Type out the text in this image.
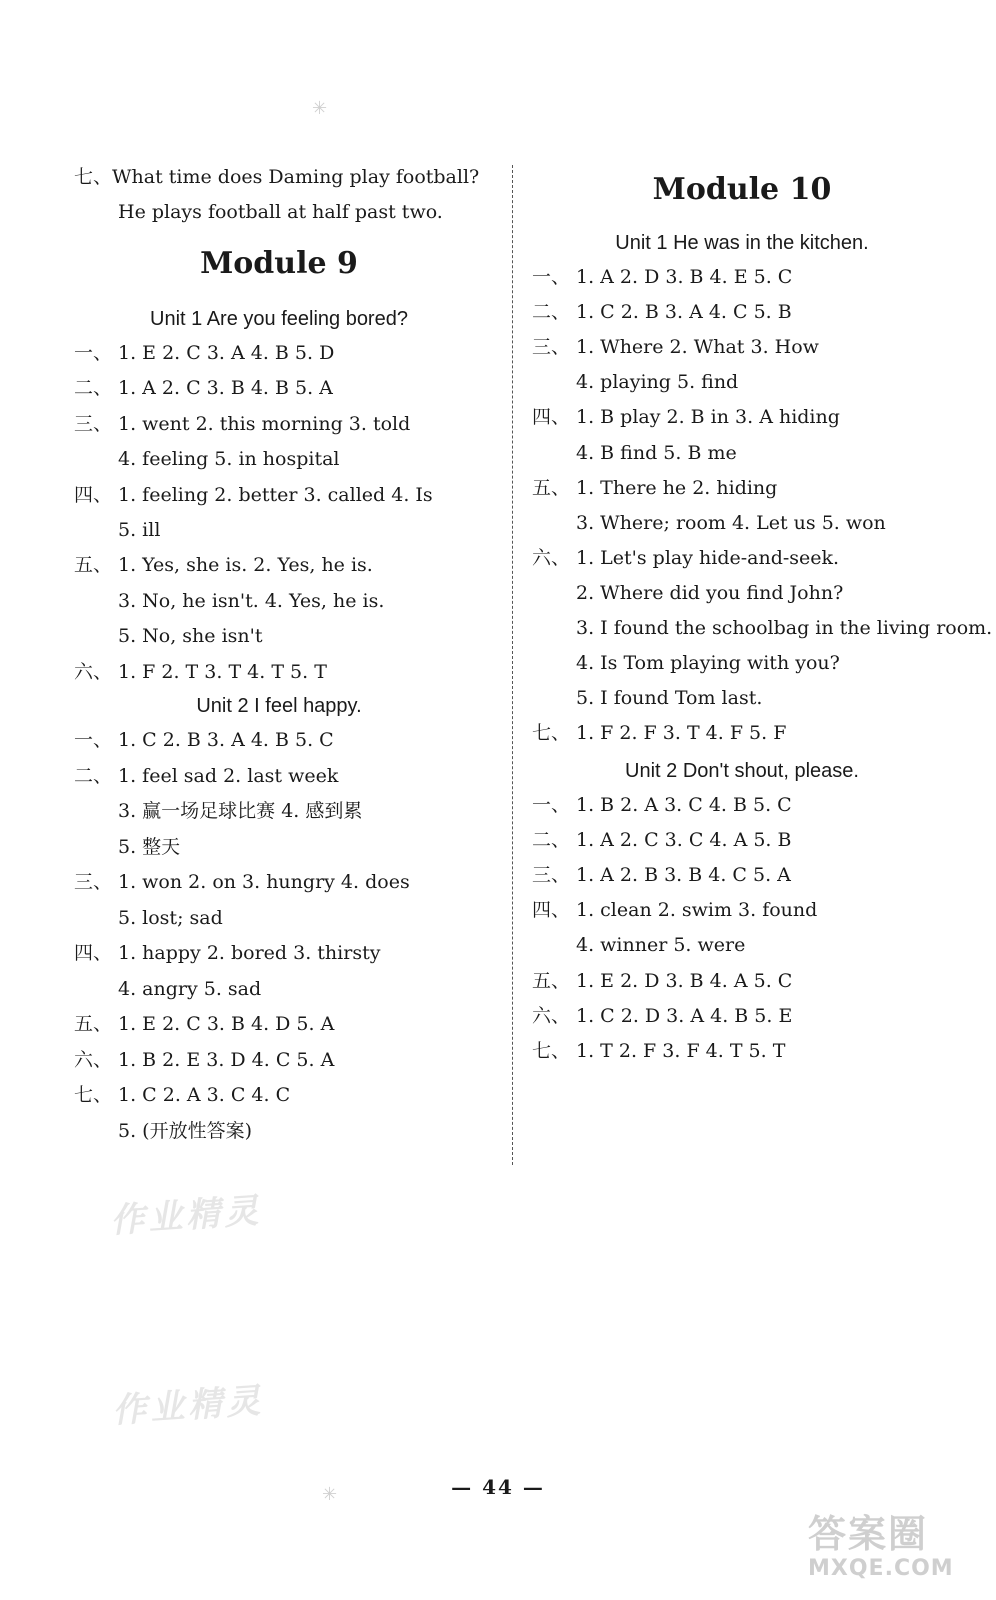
七、What time does Daming play football?
He plays football at half past two.
Module 9
Unit 1 Are you feeling bored?
一、 1. E 2. C 3. A 4. B 5. D
二、 1. A 2. C 3. B 4. B 5. A
三、 1. went 2. this morning 3. told
4. feeling 5. in hospital
四、 1. feeling 2. better 3. called 4. Is
5. ill
五、 1. Yes, she is. 2. Yes, he is.
3. No, he isn't. 4. Yes, he is.
5. No, she isn't
六、 1. F 2. T 3. T 4. T 5. T
Unit 2 I feel happy.
一、 1. C 2. B 3. A 4. B 5. C
二、 1. feel sad 2. last week
3. 赢一场足球比赛 4. 感到累
5. 整天
三、 1. won 2. on 3. hungry 4. does
5. lost; sad
四、 1. happy 2. bored 3. thirsty
4. angry 5. sad
五、 1. E 2. C 3. B 4. D 5. A
六、 1. B 2. E 3. D 4. C 5. A
七、 1. C 2. A 3. C 4. C
5. (开放性答案)
Module 10
Unit 1 He was in the kitchen.
一、 1. A 2. D 3. B 4. E 5. C
二、 1. C 2. B 3. A 4. C 5. B
三、 1. Where 2. What 3. How
4. playing 5. find
四、 1. B play 2. B in 3. A hiding
4. B find 5. B me
五、 1. There he 2. hiding
3. Where; room 4. Let us 5. won
六、 1. Let's play hide-and-seek.
2. Where did you find John?
3. I found the schoolbag in the living room.
4. Is Tom playing with you?
5. I found Tom last.
七、 1. F 2. F 3. T 4. F 5. F
Unit 2 Don't shout, please.
一、 1. B 2. A 3. C 4. B 5. C
二、 1. A 2. C 3. C 4. A 5. B
三、 1. A 2. B 3. B 4. C 5. A
四、 1. clean 2. swim 3. found
4. winner 5. were
五、 1. E 2. D 3. B 4. A 5. C
六、 1. C 2. D 3. A 4. B 5. E
七、 1. T 2. F 3. F 4. T 5. T
✳
✳
作业精灵
作业精灵
— 44 —
答案圈
MXQE.COM
